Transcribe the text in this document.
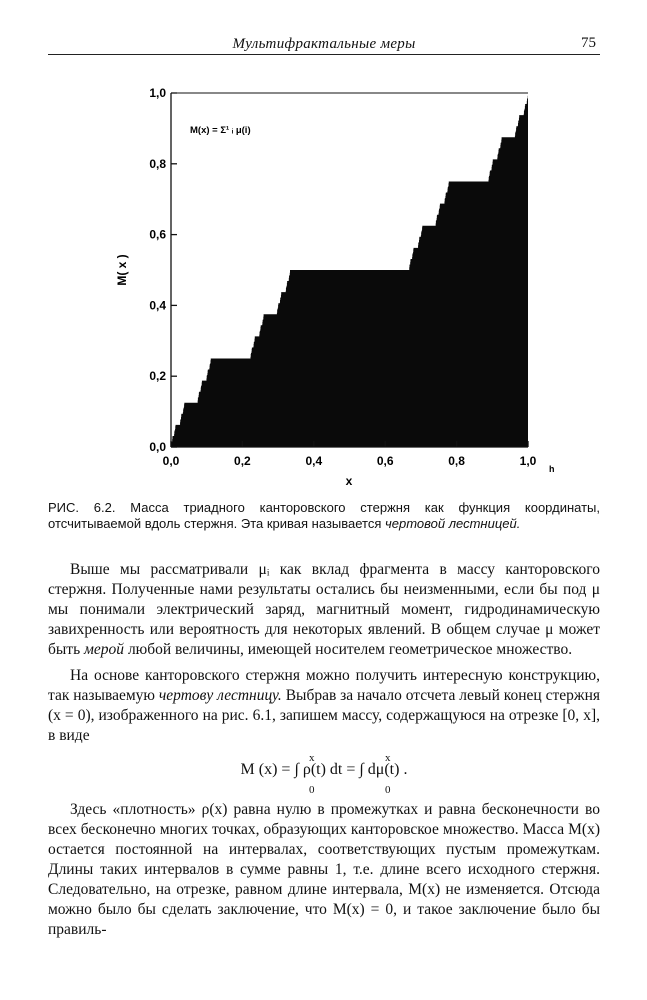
Мультифрактальные меры	75
0,0
0,2
0,4
0,6
0,8
1,0
0,0	0,2	0,4	0,6	0,8	1,0
M(x) = Σ¹ ᵢ μ(i)
M( x )
x
h
РИС. 6.2. Масса триадного канторовского стержня как функция координаты, отсчитываемой вдоль стержня. Эта кривая называется чертовой лестницей.

Выше мы рассматривали μᵢ как вклад фрагмента в массу канторовского стержня. Полученные нами результаты остались бы неизменными, если бы под μ мы понимали электрический заряд, магнитный момент, гидродинамическую завихренность или вероятность для некоторых явлений. В общем случае μ может быть мерой любой величины, имеющей носителем геометрическое множество.

На основе канторовского стержня можно получить интересную конструкцию, так называемую чертову лестницу. Выбрав за начало отсчета левый конец стержня (x = 0), изображенного на рис. 6.1, запишем массу, содержащуюся на отрезке [0, x], в виде

x
0
x
0
M (x) = ∫ ρ(t) dt = ∫ dμ(t) .

Здесь «плотность» ρ(x) равна нулю в промежутках и равна бесконечности во всех бесконечно многих точках, образующих канторовское множество. Масса M(x) остается постоянной на интервалах, соответствующих пустым промежуткам. Длины таких интервалов в сумме равны 1, т.е. длине всего исходного стержня. Следовательно, на отрезке, равном длине интервала, M(x) не изменяется. Отсюда можно было бы сделать заключение, что M(x) = 0, и такое заключение было бы правиль-
